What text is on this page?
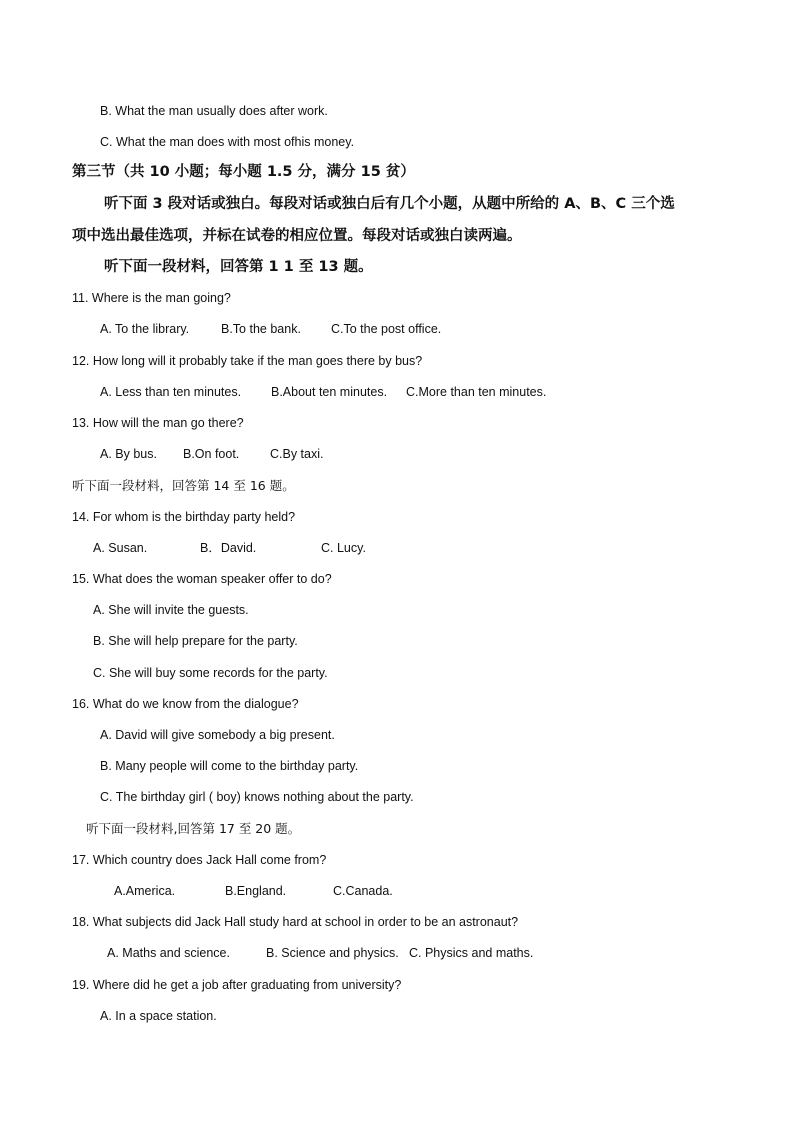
B. What the man usually does after work.
C. What the man does with most ofhis money.
第三节（共 10 小题；每小题 1.5 分，满分 15 贫）
听下面 3 段对话或独白。每段对话或独白后有几个小题，从题中所给的 A、B、C 三个选
项中选出最佳选项，并标在试卷的相应位置。每段对话或独白读两遍。
听下面一段材料，回答第 1 1 至 13 题。
11. Where is the man going?
A. To the library.	B.To the bank. C.To the post office.
12. How long will it probably take if the man goes there by bus?
A. Less than ten minutes. B.About ten minutes. C.More than ten minutes.
13. How will the man go there?
A. By bus. B.On foot. C.By taxi.
听下面一段材料，回答第 14 至 16 题。
14. For whom is the birthday party held?
A. Susan.	B．David.	C. Lucy.
15. What does the woman speaker offer to do?
A. She will invite the guests.
B. She will help prepare for the party.
C. She will buy some records for the party.
16. What do we know from the dialogue?
A. David will give somebody a big present.
B. Many people will come to the birthday party.
C. The birthday girl ( boy) knows nothing about the party.
听下面一段材料,回答第 17 至 20 题。
17. Which country does Jack Hall come from?
A.America.	B.England.	C.Canada.
18. What subjects did Jack Hall study hard at school in order to be an astronaut?
A. Maths and science.	B. Science and physics. C. Physics and maths.
19. Where did he get a job after graduating from university?
A. In a space station.
